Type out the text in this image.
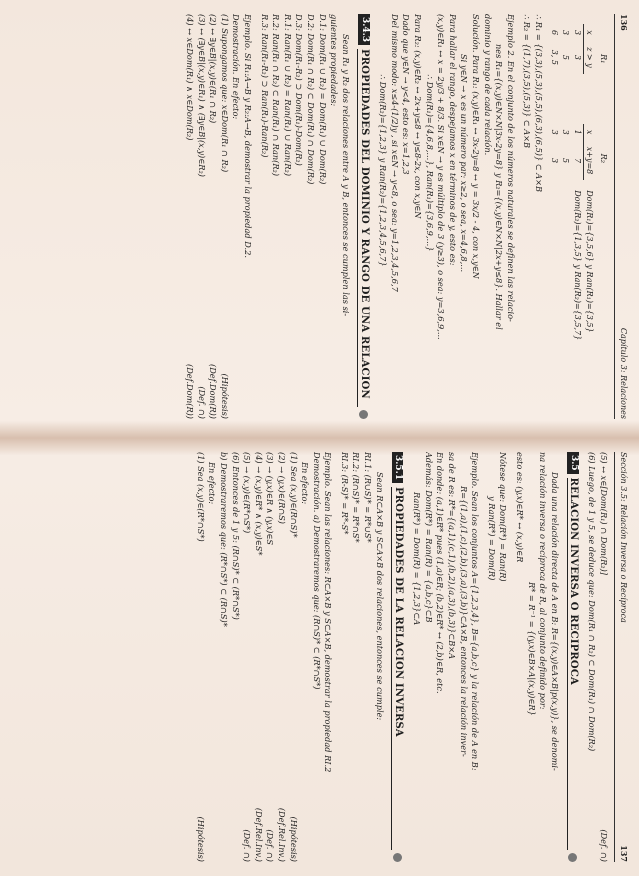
136
Capítulo 3: Relaciones
R₁
x	z > y
3	3
3	5
6	3, 5
R₂
x	x+y=8
1	7
3	5
3	3
Dom(R₁)={3,5,6} y Ran(R₁)={3,5}
Dom(R₂)={1,3,5} y Ran(R₂)={3,5,7}
∴ R₁ = {(3,3),(5,3),(5,5),(6,3),(6,5)} ⊂ A×B
∴ R₂ = {(1,7),(3,5),(5,3)} ⊂ A×B
Ejemplo 2. En el conjunto de los números naturales se definen las relacio-
nes R₁={(x,y)∈N×N|3x-2y=8} y R₂={(x,y)∈N×N|2x+y≤8}. Hallar el
dominio y rango de cada relación.
Solución. Para R₁: (x,y)∈R₁ ↔ 3x-2y=8 ↔ y = 3x/2 - 4, con x,y∈N
Si y∈N → x es un número par: x≥2, o sea, x=4,6,8,...
Para hallar el rango, despejamos x en términos de y, esto es:
(x,y)∈R₁ ↔ x = 2y/3 + 8/3. Si x∈N → y es múltiplo de 3 (y≥3), o sea: y=3,6,9,...
∴ Dom(R₁)={4,6,8,...}, Ran(R₁)={3,6,9,...}
Para R₂: (x,y)∈R₂ ↔ 2x+y≤8 ↔ y≤8-2x, con x,y∈N
Dado que y∈N → y<4, esto es: x=1,2,3
Del mismo modo: x≤4-(1/2)y , si x∈N → y<8, o sea: y=1,2,3,4,5,6,7
∴ Dom(R₂)={1,2,3} y Ran(R₂)={1,2,3,4,5,6,7}
3.4.3
PROPIEDADES DEL DOMINIO Y RANGO DE UNA RELACION
Sean R₁ y R₂ dos relaciones entre A y B, entonces se cumplen las si-
guientes propiedades:
D.1: Dom(R₁ ∪ R₂) = Dom(R₁) ∪ Dom(R₂)
D.2: Dom(R₁ ∩ R₂) ⊂ Dom(R₁) ∩ Dom(R₂)
D.3: Dom(R₁-R₂) ⊃ Dom(R₁)-Dom(R₂)
R.1: Ran(R₁ ∪ R₂) = Ran(R₁) ∪ Ran(R₂)
R.2: Ran(R₁ ∩ R₂) ⊂ Ran(R₁) ∩ Ran(R₂)
R.3: Ran(R₁-R₂) ⊃ Ran(R₁)-Ran(R₂)
Ejemplo. Si R₁:A→B y R₂:A→B, demostrar la propiedad D.2.
Demostración. En efecto:
(1) Supongamos que: x∈Dom(R₁ ∩ R₂)
(Hipótesis)
(2) ↔ ∃y∈B|(x,y)∈(R₁ ∩ R₂)
(Def.Dom(R))
(3) ↔ (∃y∈B|(x,y)∈R₁) ∧ (∃y∈B|(x,y)∈R₂)
(Def. ∩)
(4) ↔ x∈Dom(R₁) ∧ x∈Dom(R₂)
(Def.Dom(R))
Sección 3.5: Relación Inversa o Recíproca
137
(5) ↔ x∈[Dom(R₁) ∩ Dom(R₂)]
(Def. ∩)
(6) Luego, de 1 y 5, se deduce que: Dom(R₁ ∩ R₂) ⊂ Dom(R₁) ∩ Dom(R₂)
3.5
RELACION INVERSA O RECIPROCA
Dada una relación directa de A en B: R={(x,y)∈A×B|p(x,y)}, se denomi-
na relación inversa o recíproca de R, al conjunto definido por:
R* = R⁻¹ = {(y,x)∈B×A|(x,y)∈R}
esto es: (y,x)∈R* ↔ (x,y)∈R
Nótese que: Dom(R*) = Ran(R)
y Ran(R*) = Dom(R)
Ejemplo. Sean los conjuntos A={1,2,3,4}, B={a,b,c} y la relación de A en B:
R={(1,a),(1,c),(2,b),(3,a),(3,b)}⊂A×B, entonces la relación inver-
sa de R es: R*={(a,1),(c,1),(b,2),(a,3),(b,3)}⊂B×A
En donde: (a,1)∈R* pues (1,a)∈R; (b,2)∈R* ↔ (2,b)∈R, etc.
Además: Dom(R*) = Ran(R) = {a,b,c}⊂B
Ran(R*) = Dom(R) = {1,2,3}⊂A
3.5.1
PROPIEDADES DE LA RELACION INVERSA
Sean R⊂A×B y S⊂A×B dos relaciones, entonces se cumple:
RI.1: (R∪S)* = R*∪S*
RI.2: (R∩S)* = R*∩S*
RI.3: (R-S)* = R*-S*
Ejemplo. Sean las relaciones: R⊂A×B y S⊂A×B, demostrar la propiedad RI.2
Demostración. a) Demostraremos que: (R∩S)* ⊂ (R*∩S*)
En efecto:
(1) Sea (x,y)∈(R∩S)*
(Hipótesis)
(2) → (y,x)∈(R∩S)
(Def.Rel.Inv.)
(3) → (y,x)∈R ∧ (y,x)∈S
(Def. ∩)
(4) → (x,y)∈R* ∧ (x,y)∈S*
(Def.Rel.Inv.)
(5) → (x,y)∈(R*∩S*)
(Def. ∩)
(6) Entonces de 1 y 5: (R∩S)* ⊂ (R*∩S*)
b) Demostraremos que: (R*∩S*) ⊂ (R∩S)*
En efecto:
(1) Sea (x,y)∈(R*∩S*)
(Hipótesis)
